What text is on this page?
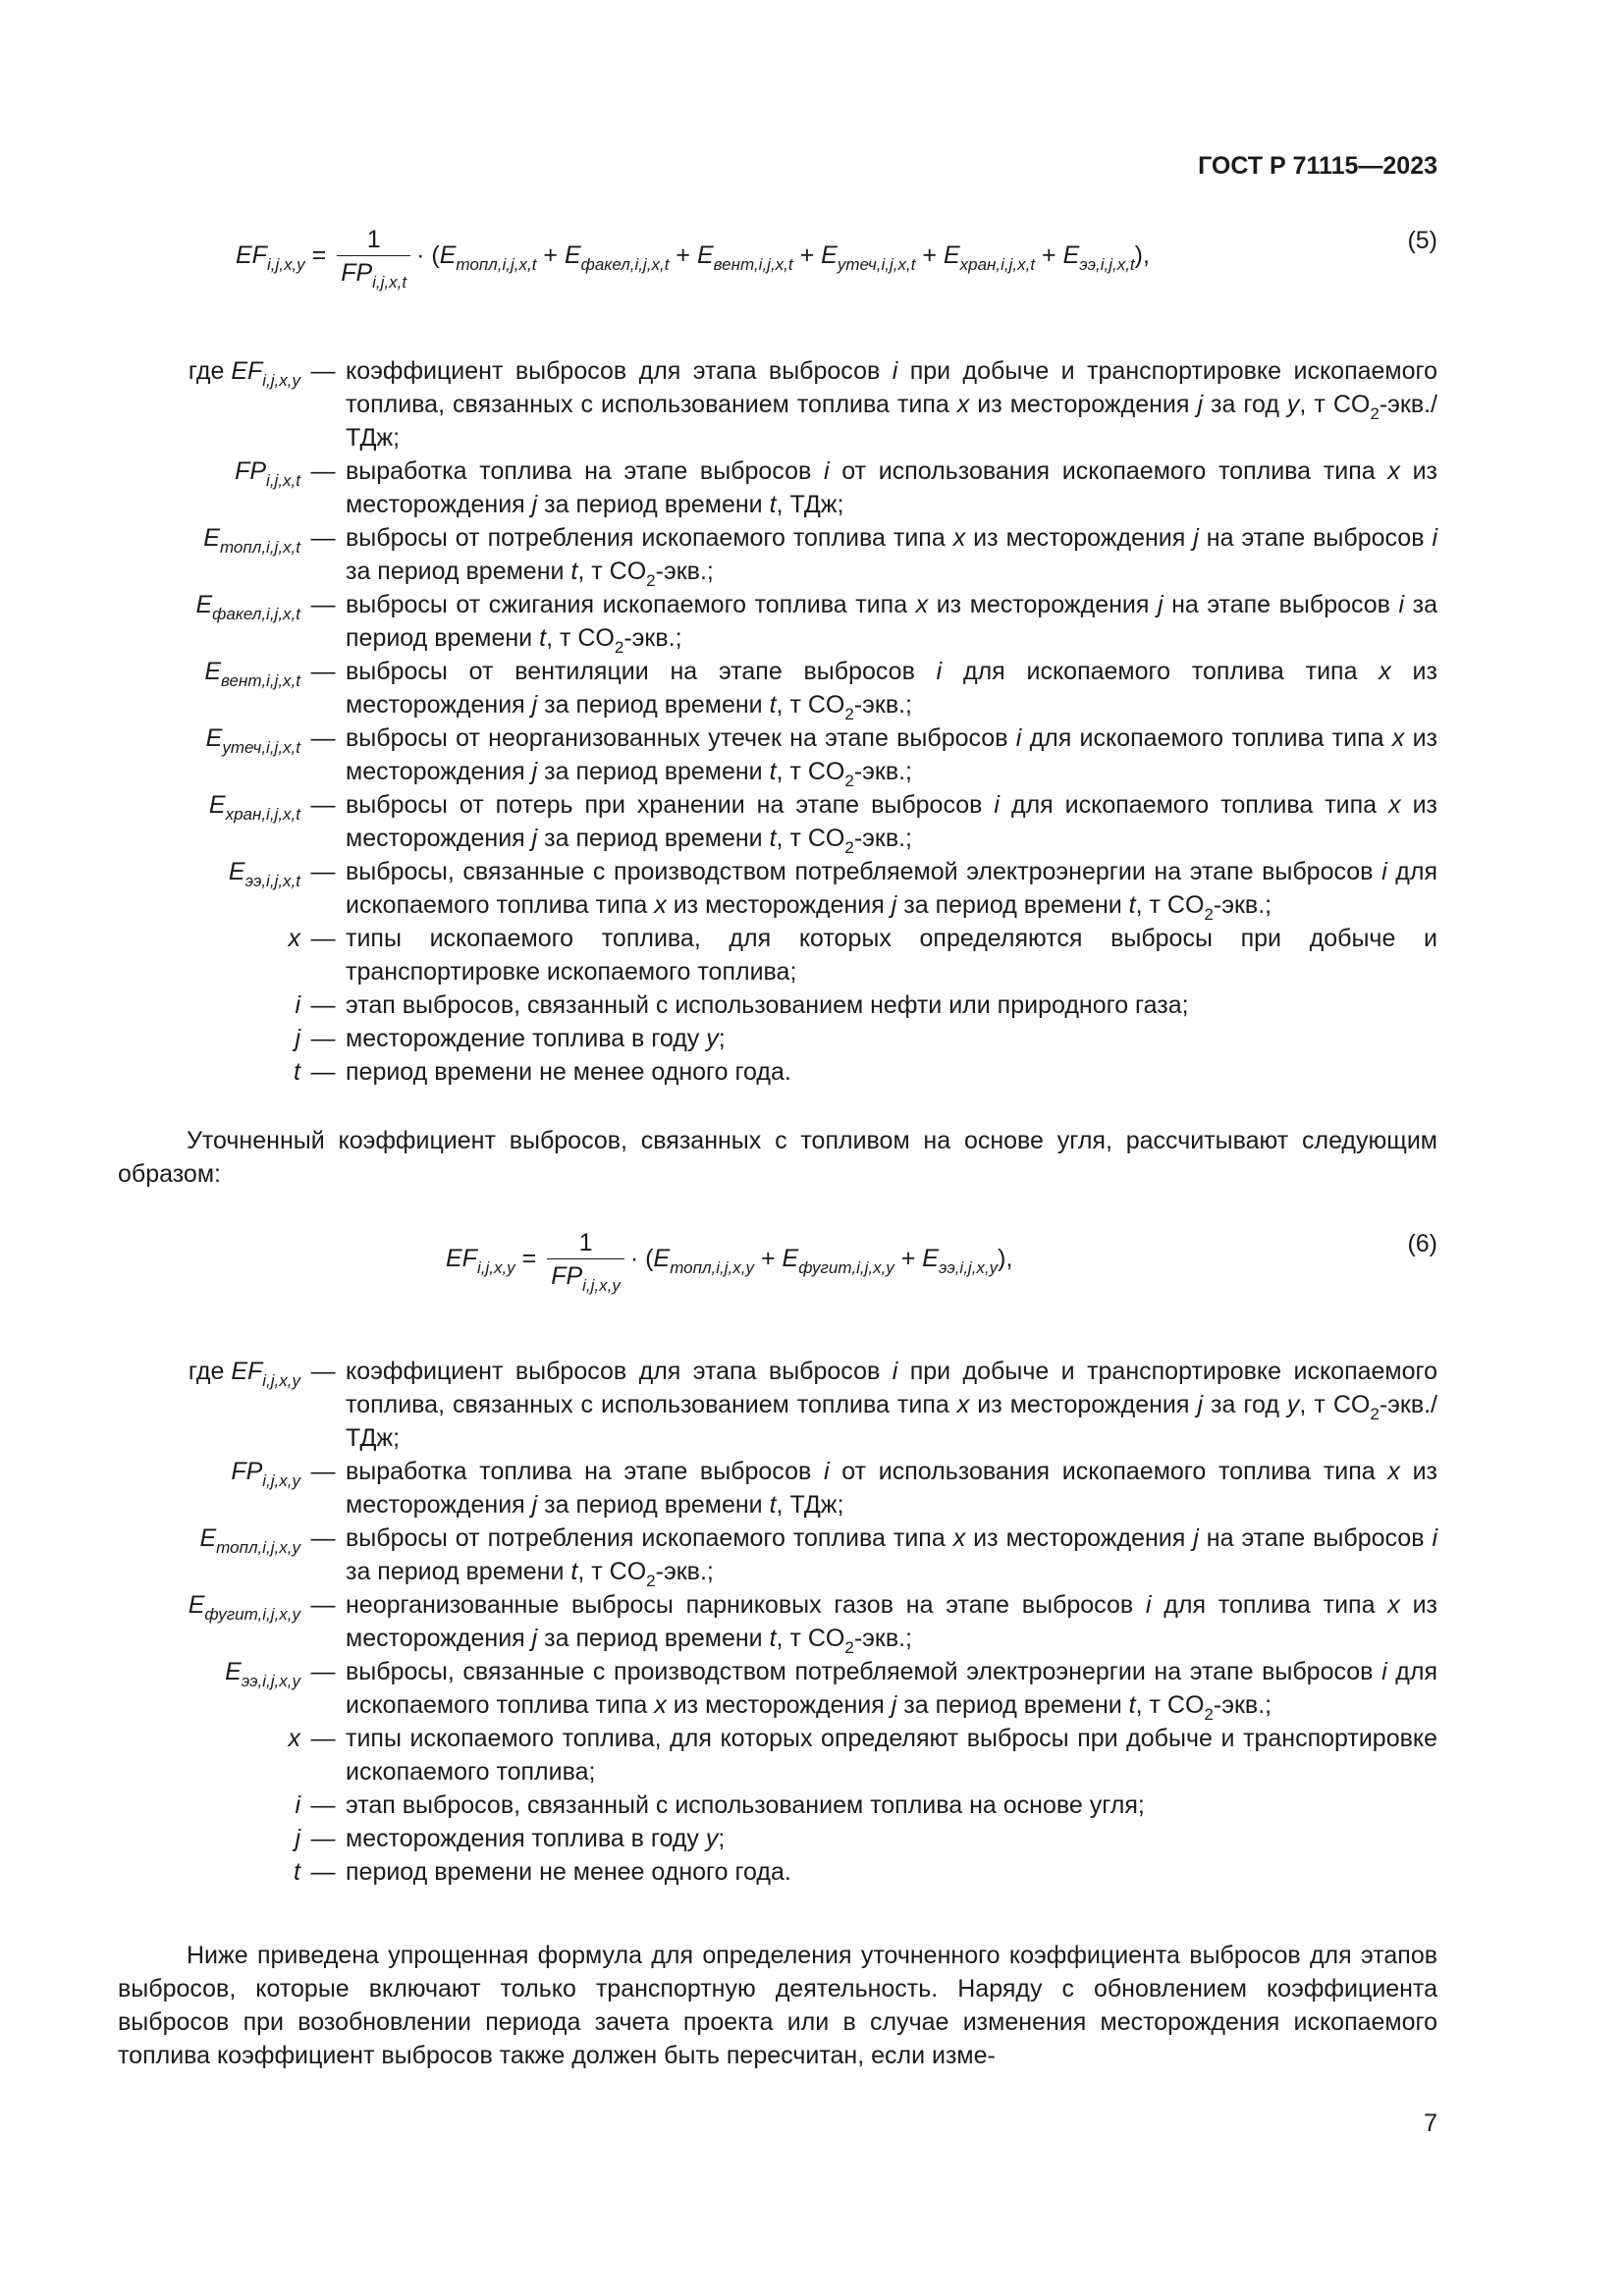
ГОСТ Р 71115—2023
$EF_{i,j,x,y} = \frac{1}{FP_{i,j,x,t}} \cdot (E_{топл,i,j,x,t} + E_{факел,i,j,x,t} + E_{вент,i,j,x,t} + E_{утеч,i,j,x,t} + E_{хран,i,j,x,t} + E_{ээ,i,j,x,t})$,
(5)
где $EF_{i,j,x,y}$ — коэффициент выбросов для этапа выбросов i при добыче и транспортировке ископаемого топлива, связанных с использованием топлива типа x из месторождения j за год y, т $CO_2-экв$./ТДж;
$FP_{i,j,x,t}$ — выработка топлива на этапе выбросов i от использования ископаемого топлива типа x из месторождения j за период времени t, ТДж;
$E_{топл,i,j,x,t}$ — выбросы от потребления ископаемого топлива типа x из месторождения j на этапе выбросов i за период времени t, т $CO_2$-экв.;
$E_{факел,i,j,x,t}$ — выбросы от сжигания ископаемого топлива типа x из месторождения j на этапе выбросов i за период времени t, т $CO_2$-экв.;
$E_{вент,i,j,x,t}$ — выбросы от вентиляции на этапе выбросов i для ископаемого топлива типа x из месторождения j за период времени t, т $CO_2$-экв.;
$E_{утеч,i,j,x,t}$ — выбросы от неорганизованных утечек на этапе выбросов i для ископаемого топлива типа x из месторождения j за период времени t, т $CO_2$-экв.;
$E_{хран,i,j,x,t}$ — выбросы от потерь при хранении на этапе выбросов i для ископаемого топлива типа x из месторождения j за период времени t, т $CO_2$-экв.;
$E_{ээ,i,j,x,t}$ — выбросы, связанные с производством потребляемой электроэнергии на этапе выбросов i для ископаемого топлива типа x из месторождения j за период времени t, т $CO_2$-экв.;
x — типы ископаемого топлива, для которых определяются выбросы при добыче и транспортировке ископаемого топлива;
i — этап выбросов, связанный с использованием нефти или природного газа;
j — месторождение топлива в году y;
t — период времени не менее одного года.
Уточненный коэффициент выбросов, связанных с топливом на основе угля, рассчитывают следующим образом:
$EF_{i,j,x,y} = \frac{1}{FP_{i,j,x,y}} \cdot (E_{топл,i,j,x,y} + E_{фугит,i,j,x,y} + E_{ээ,i,j,x,y})$,
(6)
где $EF_{i,j,x,y}$ — коэффициент выбросов для этапа выбросов i при добыче и транспортировке ископаемого топлива, связанных с использованием топлива типа x из месторождения j за год y, т $CO_2-экв$./ТДж;
$FP_{i,j,x,y}$ — выработка топлива на этапе выбросов i от использования ископаемого топлива типа x из месторождения j за период времени t, ТДж;
$E_{топл,i,j,x,y}$ — выбросы от потребления ископаемого топлива типа x из месторождения j на этапе выбросов i за период времени t, т $CO_2$-экв.;
$E_{фугит,i,j,x,y}$ — неорганизованные выбросы парниковых газов на этапе выбросов i для топлива типа x из месторождения j за период времени t, т $CO_2$-экв.;
$E_{ээ,i,j,x,y}$ — выбросы, связанные с производством потребляемой электроэнергии на этапе выбросов i для ископаемого топлива типа x из месторождения j за период времени t, т $CO_2$-экв.;
x — типы ископаемого топлива, для которых определяют выбросы при добыче и транспортировке ископаемого топлива;
i — этап выбросов, связанный с использованием топлива на основе угля;
j — месторождения топлива в году y;
t — период времени не менее одного года.
Ниже приведена упрощенная формула для определения уточненного коэффициента выбросов для этапов выбросов, которые включают только транспортную деятельность. Наряду с обновлением коэффициента выбросов при возобновлении периода зачета проекта или в случае изменения месторождения ископаемого топлива коэффициент выбросов также должен быть пересчитан, если изме-
7
